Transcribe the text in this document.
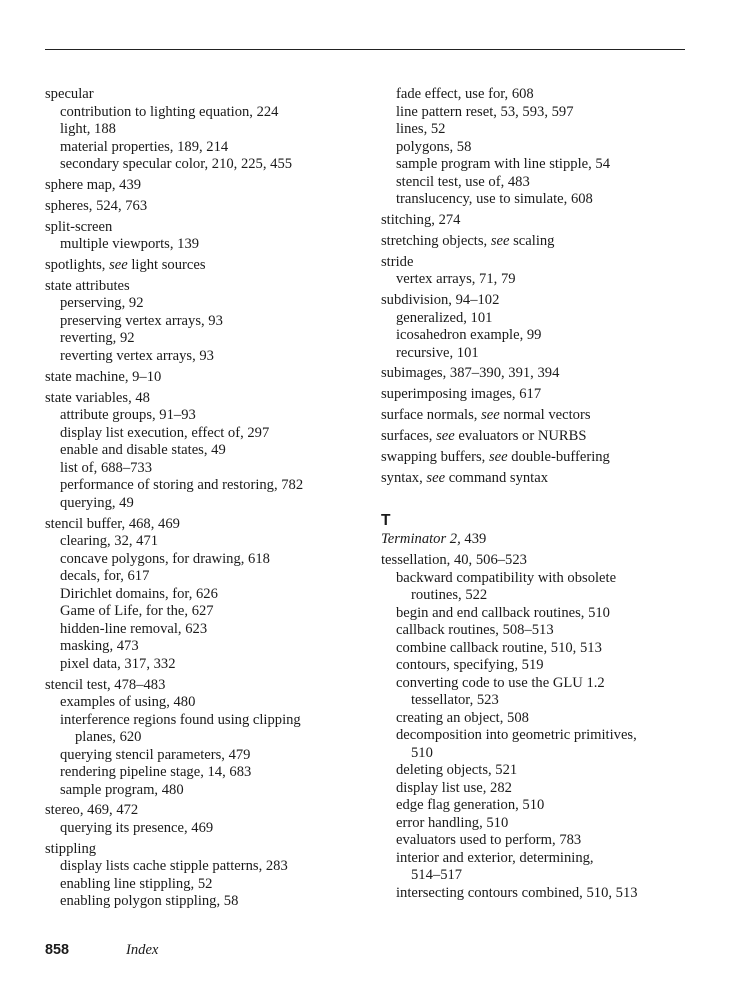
specular
contribution to lighting equation, 224
light, 188
material properties, 189, 214
secondary specular color, 210, 225, 455
sphere map, 439
spheres, 524, 763
split-screen
multiple viewports, 139
spotlights, see light sources
state attributes
perserving, 92
preserving vertex arrays, 93
reverting, 92
reverting vertex arrays, 93
state machine, 9–10
state variables, 48
attribute groups, 91–93
display list execution, effect of, 297
enable and disable states, 49
list of, 688–733
performance of storing and restoring, 782
querying, 49
stencil buffer, 468, 469
clearing, 32, 471
concave polygons, for drawing, 618
decals, for, 617
Dirichlet domains, for, 626
Game of Life, for the, 627
hidden-line removal, 623
masking, 473
pixel data, 317, 332
stencil test, 478–483
examples of using, 480
interference regions found using clipping
planes, 620
querying stencil parameters, 479
rendering pipeline stage, 14, 683
sample program, 480
stereo, 469, 472
querying its presence, 469
stippling
display lists cache stipple patterns, 283
enabling line stippling, 52
enabling polygon stippling, 58
fade effect, use for, 608
line pattern reset, 53, 593, 597
lines, 52
polygons, 58
sample program with line stipple, 54
stencil test, use of, 483
translucency, use to simulate, 608
stitching, 274
stretching objects, see scaling
stride
vertex arrays, 71, 79
subdivision, 94–102
generalized, 101
icosahedron example, 99
recursive, 101
subimages, 387–390, 391, 394
superimposing images, 617
surface normals, see normal vectors
surfaces, see evaluators or NURBS
swapping buffers, see double-buffering
syntax, see command syntax
T
Terminator 2, 439
tessellation, 40, 506–523
backward compatibility with obsolete
routines, 522
begin and end callback routines, 510
callback routines, 508–513
combine callback routine, 510, 513
contours, specifying, 519
converting code to use the GLU 1.2
tessellator, 523
creating an object, 508
decomposition into geometric primitives,
510
deleting objects, 521
display list use, 282
edge flag generation, 510
error handling, 510
evaluators used to perform, 783
interior and exterior, determining,
514–517
intersecting contours combined, 510, 513
858	Index
